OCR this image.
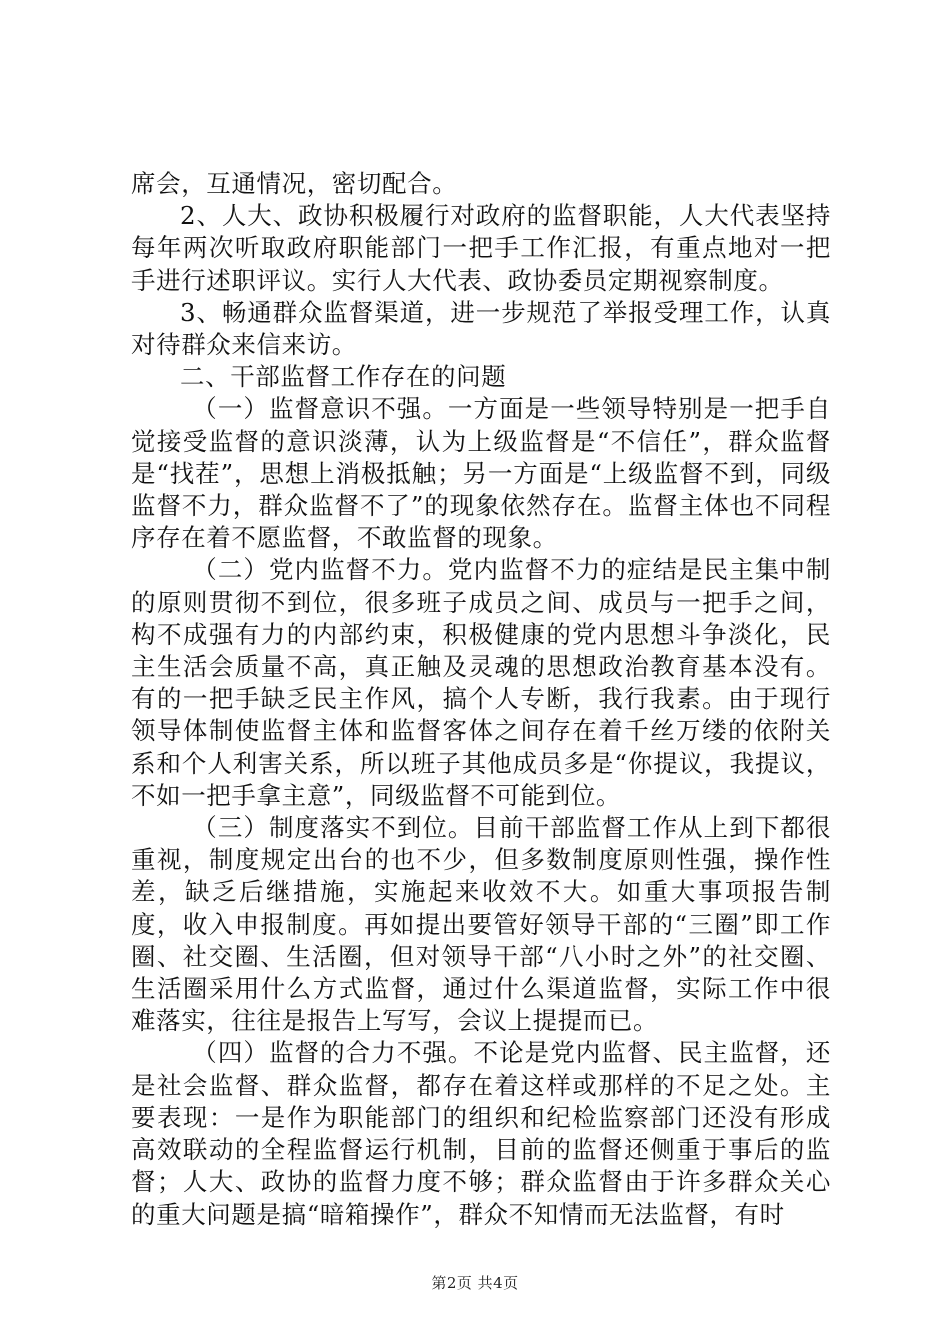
席会，互通情况，密切配合。

2、人大、政协积极履行对政府的监督职能，人大代表坚持每年两次听取政府职能部门一把手工作汇报，有重点地对一把手进行述职评议。实行人大代表、政协委员定期视察制度。

3、畅通群众监督渠道，进一步规范了举报受理工作，认真对待群众来信来访。

二、干部监督工作存在的问题

（一）监督意识不强。一方面是一些领导特别是一把手自觉接受监督的意识淡薄，认为上级监督是“不信任”，群众监督是“找茬”，思想上消极抵触；另一方面是“上级监督不到，同级监督不力，群众监督不了”的现象依然存在。监督主体也不同程序存在着不愿监督，不敢监督的现象。

（二）党内监督不力。党内监督不力的症结是民主集中制的原则贯彻不到位，很多班子成员之间、成员与一把手之间，构不成强有力的内部约束，积极健康的党内思想斗争淡化，民主生活会质量不高，真正触及灵魂的思想政治教育基本没有。有的一把手缺乏民主作风，搞个人专断，我行我素。由于现行领导体制使监督主体和监督客体之间存在着千丝万缕的依附关系和个人利害关系，所以班子其他成员多是“你提议，我提议，不如一把手拿主意”，同级监督不可能到位。

（三）制度落实不到位。目前干部监督工作从上到下都很重视，制度规定出台的也不少，但多数制度原则性强，操作性差，缺乏后继措施，实施起来收效不大。如重大事项报告制度，收入申报制度。再如提出要管好领导干部的“三圈”即工作圈、社交圈、生活圈，但对领导干部“八小时之外”的社交圈、生活圈采用什么方式监督，通过什么渠道监督，实际工作中很难落实，往往是报告上写写，会议上提提而已。

（四）监督的合力不强。不论是党内监督、民主监督，还是社会监督、群众监督，都存在着这样或那样的不足之处。主要表现：一是作为职能部门的组织和纪检监察部门还没有形成高效联动的全程监督运行机制，目前的监督还侧重于事后的监督；人大、政协的监督力度不够；群众监督由于许多群众关心的重大问题是搞“暗箱操作”，群众不知情而无法监督，有时

第2页 共4页
